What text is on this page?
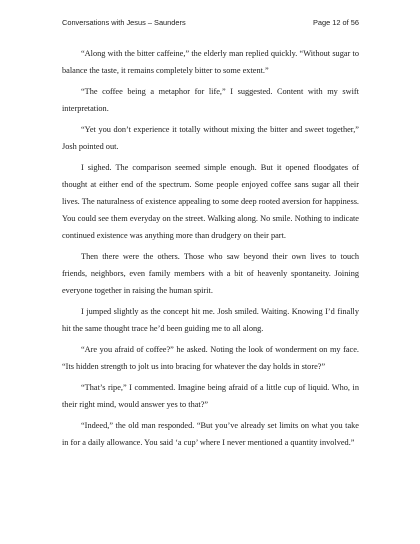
Conversations with Jesus – Saunders	Page 12 of 56

“Along with the bitter caffeine,” the elderly man replied quickly. “Without sugar to balance the taste, it remains completely bitter to some extent.”

“The coffee being a metaphor for life,” I suggested. Content with my swift interpretation.

“Yet you don’t experience it totally without mixing the bitter and sweet together,” Josh pointed out.

I sighed. The comparison seemed simple enough. But it opened floodgates of thought at either end of the spectrum. Some people enjoyed coffee sans sugar all their lives. The naturalness of existence appealing to some deep rooted aversion for happiness. You could see them everyday on the street. Walking along. No smile. Nothing to indicate continued existence was anything more than drudgery on their part.

Then there were the others. Those who saw beyond their own lives to touch friends, neighbors, even family members with a bit of heavenly spontaneity. Joining everyone together in raising the human spirit.

I jumped slightly as the concept hit me. Josh smiled. Waiting. Knowing I’d finally hit the same thought trace he’d been guiding me to all along.

“Are you afraid of coffee?” he asked. Noting the look of wonderment on my face. “Its hidden strength to jolt us into bracing for whatever the day holds in store?”

“That’s ripe,” I commented. Imagine being afraid of a little cup of liquid. Who, in their right mind, would answer yes to that?”

“Indeed,” the old man responded. “But you’ve already set limits on what you take in for a daily allowance. You said ‘a cup’ where I never mentioned a quantity involved.”
